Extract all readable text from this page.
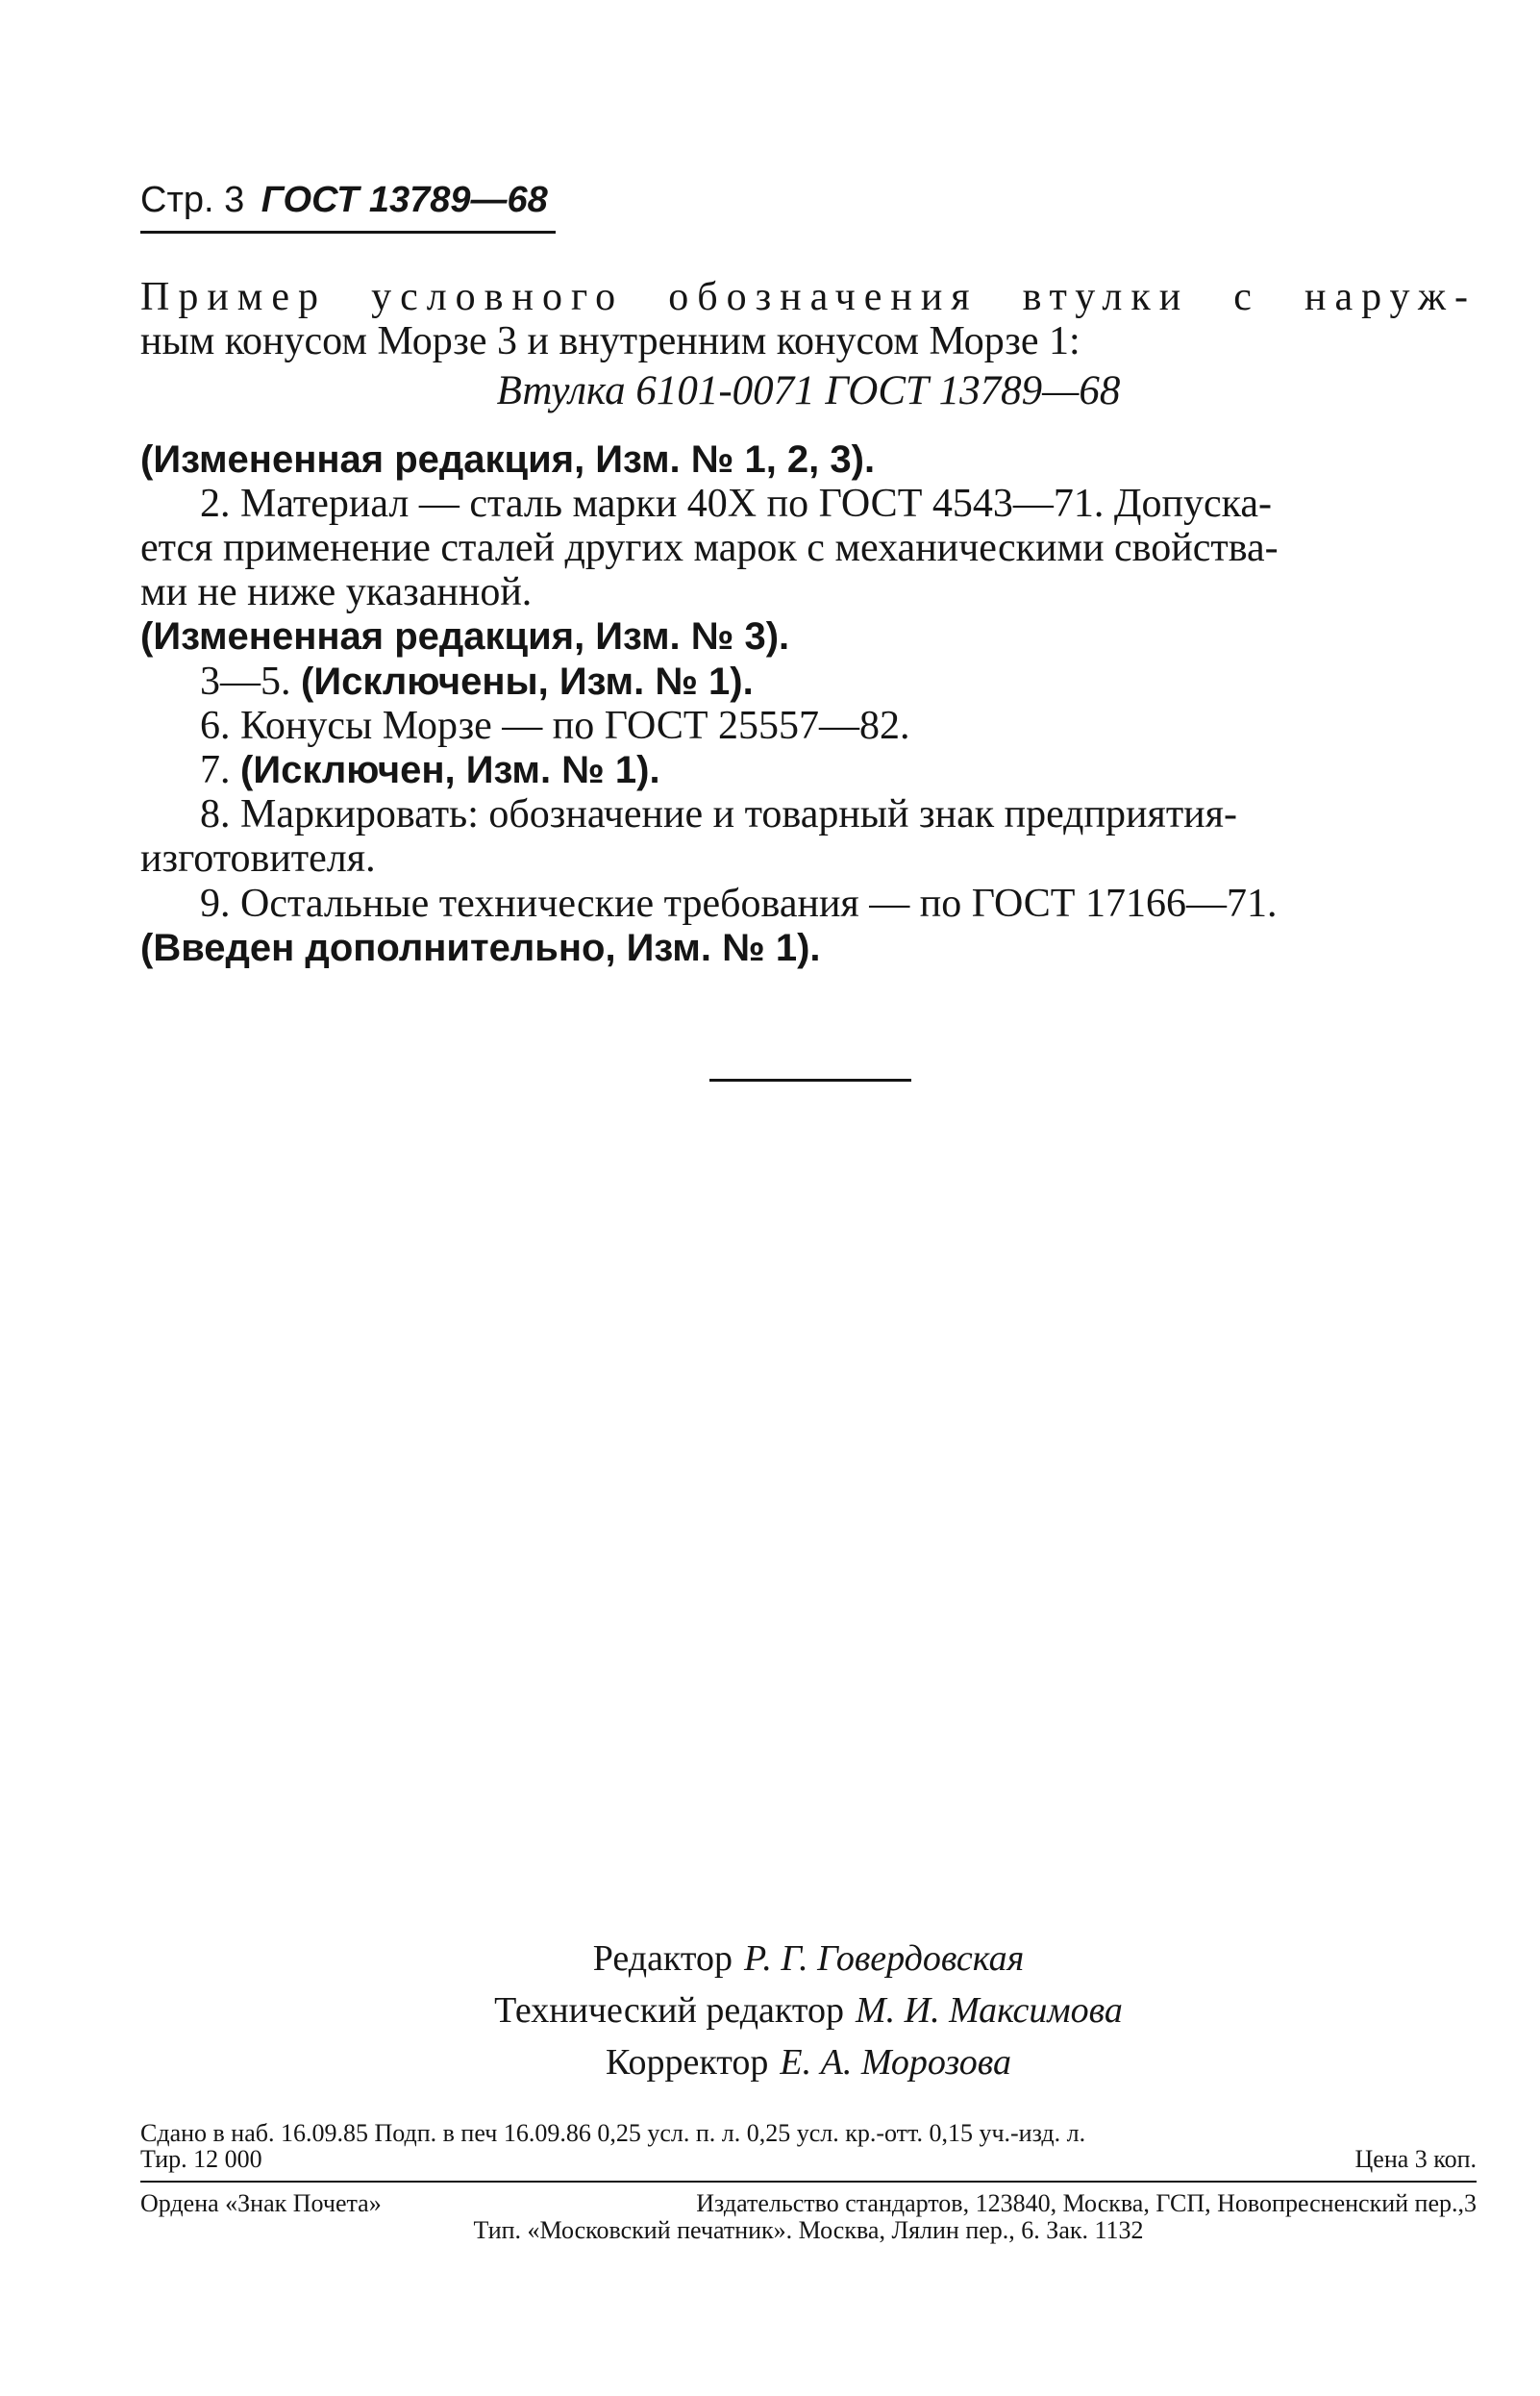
Стр. 3 ГОСТ 13789—68
Пример условного обозначения втулки с наруж-
ным конусом Морзе 3 и внутренним конусом Морзе 1:
Втулка 6101-0071 ГОСТ 13789—68
(Измененная редакция, Изм. № 1, 2, 3).
2. Материал — сталь марки 40Х по ГОСТ 4543—71. Допуска-
ется применение сталей других марок с механическими свойства-
ми не ниже указанной.
(Измененная редакция, Изм. № 3).
3—5. (Исключены, Изм. № 1).
6. Конусы Морзе — по ГОСТ 25557—82.
7. (Исключен, Изм. № 1).
8. Маркировать: обозначение и товарный знак предприятия-
изготовителя.
9. Остальные технические требования — по ГОСТ 17166—71.
(Введен дополнительно, Изм. № 1).
Редактор Р. Г. Говердовская
Технический редактор М. И. Максимова
Корректор Е. А. Морозова
Сдано в наб. 16.09.85 Подп. в печ 16.09.86 0,25 усл. п. л. 0,25 усл. кр.-отт. 0,15 уч.-изд. л.
Тир. 12 000	Цена 3 коп.
Ордена «Знак Почета»	Издательство стандартов, 123840, Москва, ГСП, Новопресненский пер.,3
Тип. «Московский печатник». Москва, Лялин пер., 6. Зак. 1132
